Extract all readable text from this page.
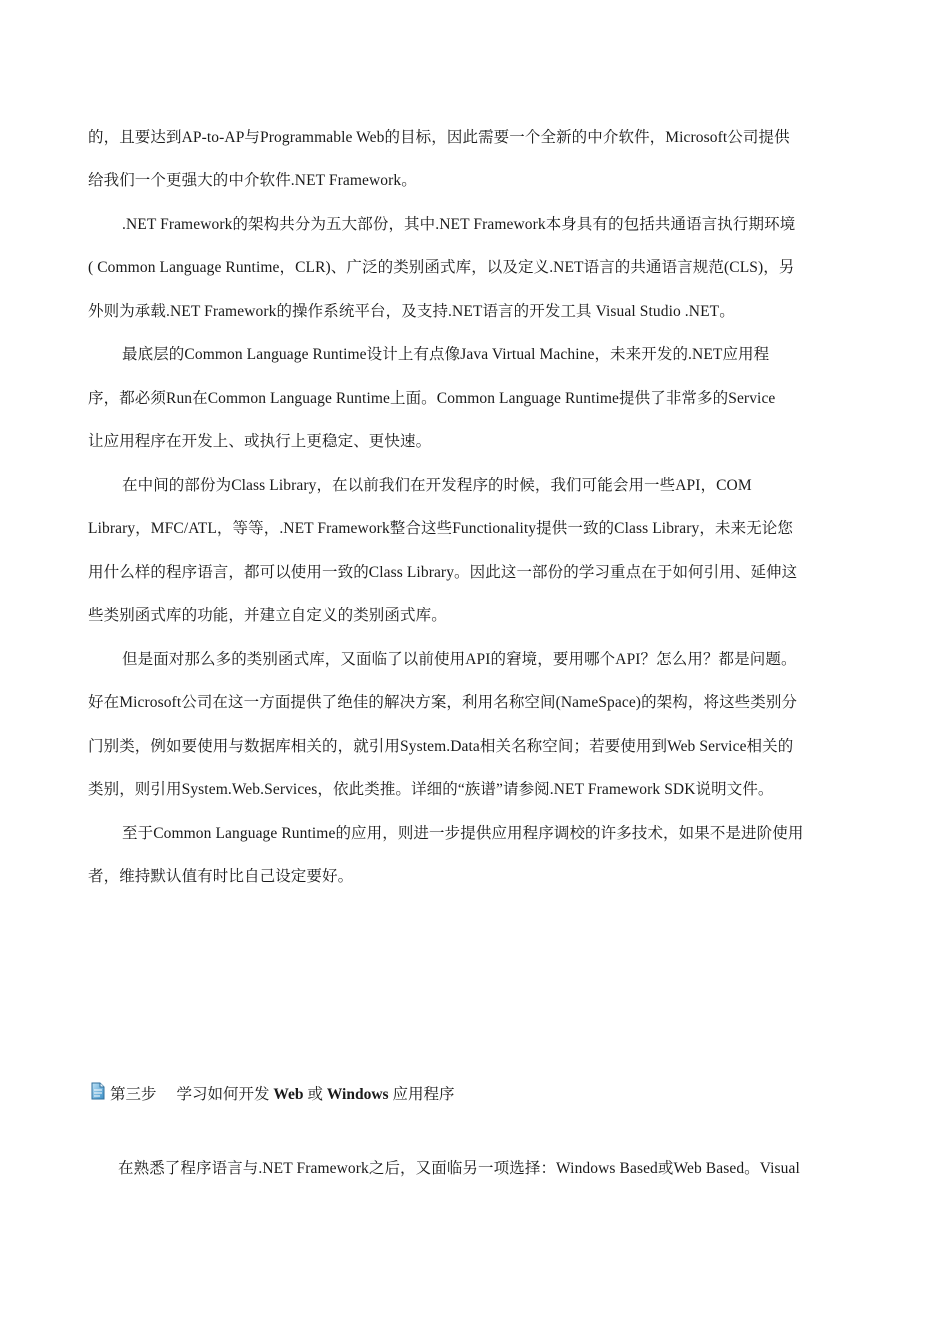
的，且要达到AP-to-AP与Programmable Web的目标，因此需要一个全新的中介软件，Microsoft公司提供
给我们一个更强大的中介软件.NET Framework。
.NET Framework的架构共分为五大部份，其中.NET Framework本身具有的包括共通语言执行期环境
( Common Language Runtime，CLR)、广泛的类别函式库，以及定义.NET语言的共通语言规范(CLS)，另
外则为承载.NET Framework的操作系统平台，及支持.NET语言的开发工具 Visual Studio .NET。
最底层的Common Language Runtime设计上有点像Java Virtual Machine，未来开发的.NET应用程
序，都必须Run在Common Language Runtime上面。Common Language Runtime提供了非常多的Service
让应用程序在开发上、或执行上更稳定、更快速。
在中间的部份为Class Library，在以前我们在开发程序的时候，我们可能会用一些API，COM
Library，MFC/ATL，等等，.NET Framework整合这些Functionality提供一致的Class Library，未来无论您
用什么样的程序语言，都可以使用一致的Class Library。因此这一部份的学习重点在于如何引用、延伸这
些类别函式库的功能，并建立自定义的类别函式库。
但是面对那么多的类别函式库，又面临了以前使用API的窘境，要用哪个API？怎么用？都是问题。
好在Microsoft公司在这一方面提供了绝佳的解决方案，利用名称空间(NameSpace)的架构，将这些类别分
门别类，例如要使用与数据库相关的，就引用System.Data相关名称空间；若要使用到Web Service相关的
类别，则引用System.Web.Services，依此类推。详细的“族谱”请参阅.NET Framework SDK说明文件。
至于Common Language Runtime的应用，则进一步提供应用程序调校的许多技术，如果不是进阶使用
者，维持默认值有时比自己设定要好。
第三步 学习如何开发 Web 或 Windows 应用程序
在熟悉了程序语言与.NET Framework之后，又面临另一项选择：Windows Based或Web Based。Visual
